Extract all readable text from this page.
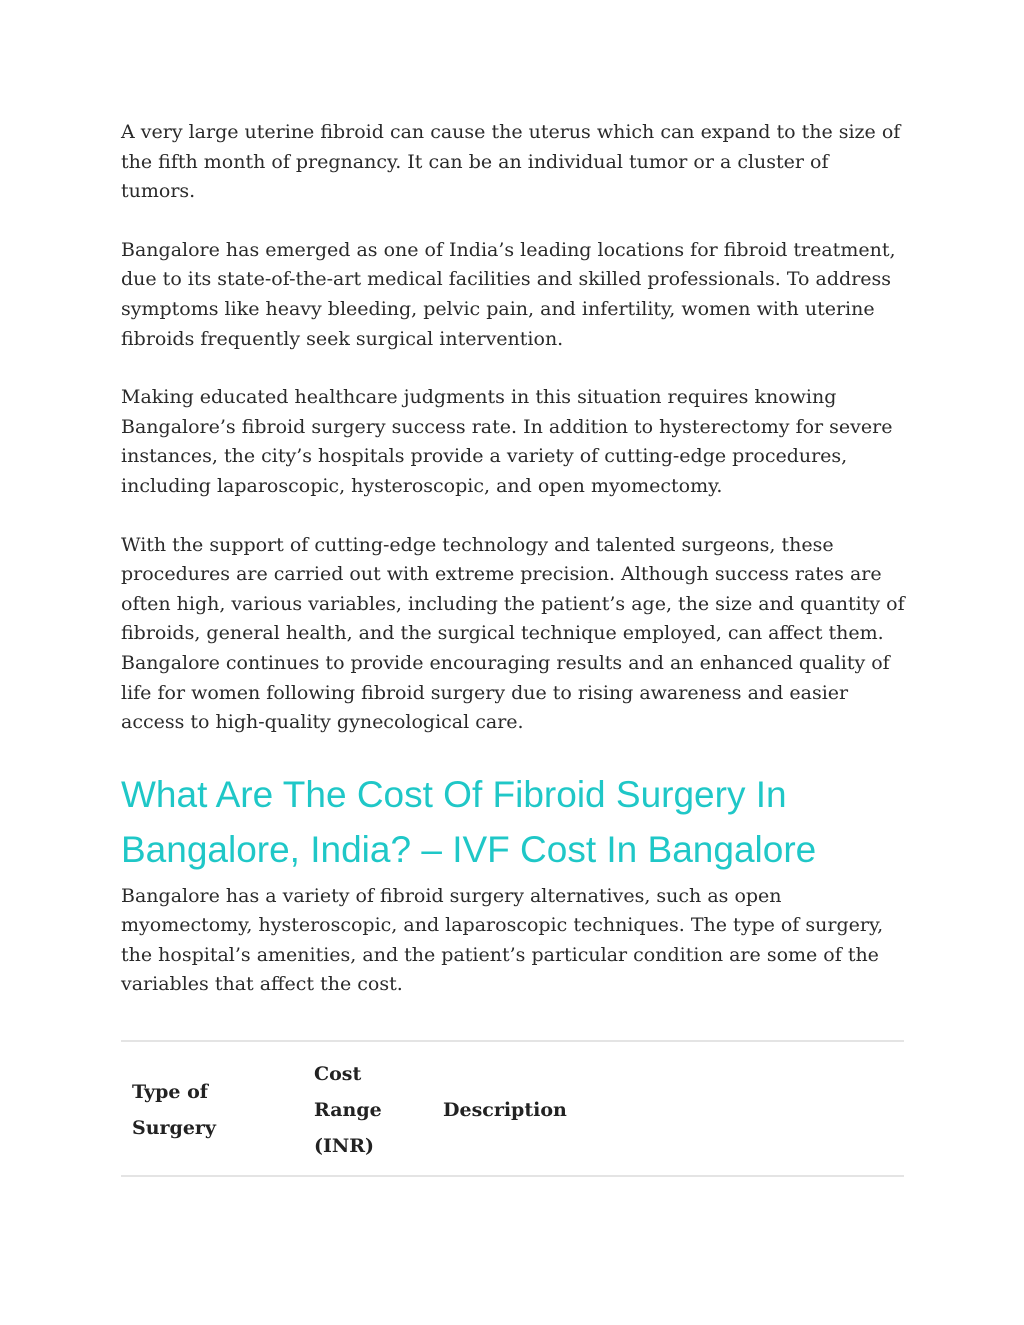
A very large uterine fibroid can cause the uterus which can expand to the size of the fifth month of pregnancy. It can be an individual tumor or a cluster of tumors.

Bangalore has emerged as one of India’s leading locations for fibroid treatment, due to its state-of-the-art medical facilities and skilled professionals. To address symptoms like heavy bleeding, pelvic pain, and infertility, women with uterine fibroids frequently seek surgical intervention.

Making educated healthcare judgments in this situation requires knowing Bangalore’s fibroid surgery success rate. In addition to hysterectomy for severe instances, the city’s hospitals provide a variety of cutting-edge procedures, including laparoscopic, hysteroscopic, and open myomectomy.

With the support of cutting-edge technology and talented surgeons, these procedures are carried out with extreme precision. Although success rates are often high, various variables, including the patient’s age, the size and quantity of fibroids, general health, and the surgical technique employed, can affect them. Bangalore continues to provide encouraging results and an enhanced quality of life for women following fibroid surgery due to rising awareness and easier access to high-quality gynecological care.

What Are The Cost Of Fibroid Surgery In Bangalore, India? – IVF Cost In Bangalore

Bangalore has a variety of fibroid surgery alternatives, such as open myomectomy, hysteroscopic, and laparoscopic techniques. The type of surgery, the hospital’s amenities, and the patient’s particular condition are some of the variables that affect the cost.

Type of Surgery	Cost Range (INR)	Description
